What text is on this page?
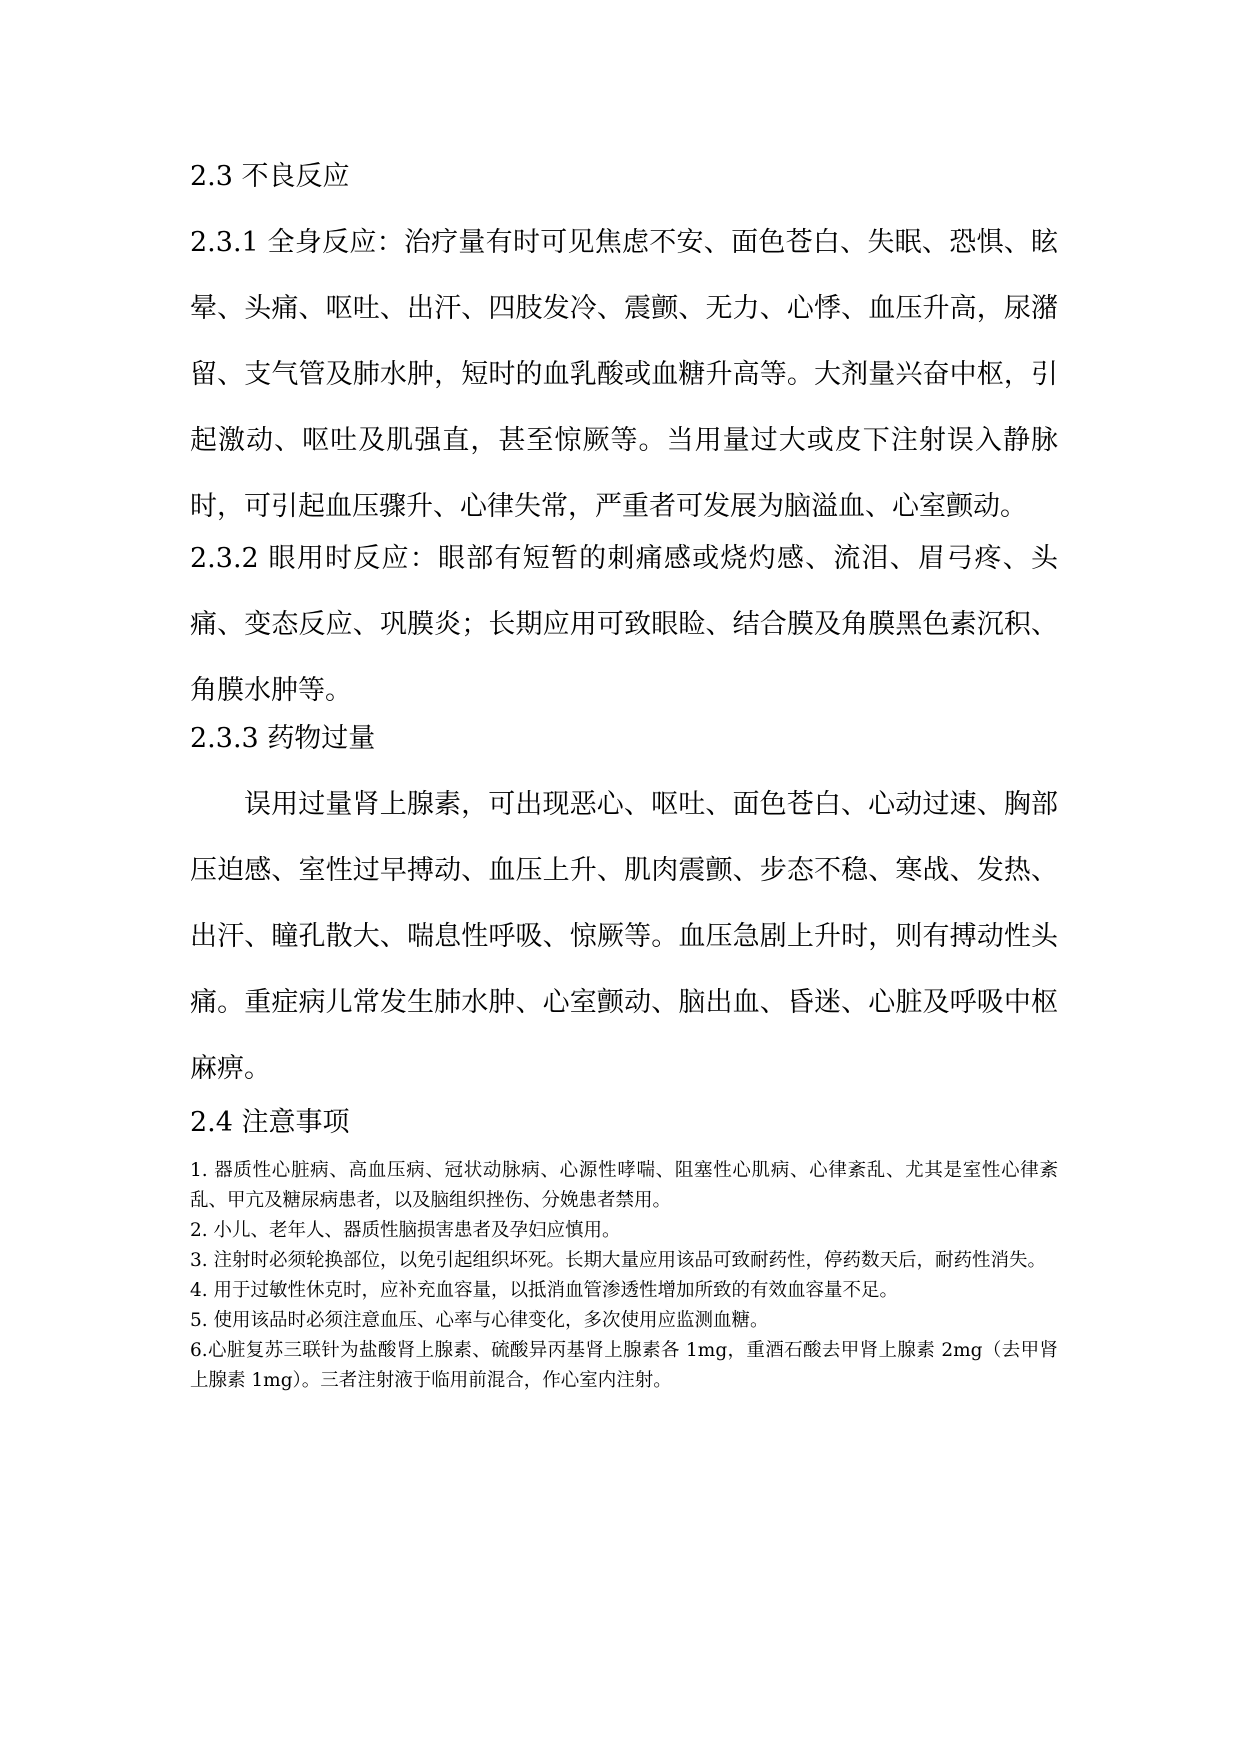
2.3 不良反应

2.3.1 全身反应：治疗量有时可见焦虑不安、面色苍白、失眠、恐惧、眩晕、头痛、呕吐、出汗、四肢发冷、震颤、无力、心悸、血压升高，尿潴留、支气管及肺水肿，短时的血乳酸或血糖升高等。大剂量兴奋中枢，引起激动、呕吐及肌强直，甚至惊厥等。当用量过大或皮下注射误入静脉时，可引起血压骤升、心律失常，严重者可发展为脑溢血、心室颤动。

2.3.2 眼用时反应：眼部有短暂的刺痛感或烧灼感、流泪、眉弓疼、头痛、变态反应、巩膜炎；长期应用可致眼睑、结合膜及角膜黑色素沉积、角膜水肿等。

2.3.3 药物过量

误用过量肾上腺素，可出现恶心、呕吐、面色苍白、心动过速、胸部压迫感、室性过早搏动、血压上升、肌肉震颤、步态不稳、寒战、发热、出汗、瞳孔散大、喘息性呼吸、惊厥等。血压急剧上升时，则有搏动性头痛。重症病儿常发生肺水肿、心室颤动、脑出血、昏迷、心脏及呼吸中枢麻痹。

2.4 注意事项

1. 器质性心脏病、高血压病、冠状动脉病、心源性哮喘、阻塞性心肌病、心律紊乱、尤其是室性心律紊乱、甲亢及糖尿病患者，以及脑组织挫伤、分娩患者禁用。

2. 小儿、老年人、器质性脑损害患者及孕妇应慎用。

3. 注射时必须轮换部位，以免引起组织坏死。长期大量应用该品可致耐药性，停药数天后，耐药性消失。

4. 用于过敏性休克时，应补充血容量，以抵消血管渗透性增加所致的有效血容量不足。

5. 使用该品时必须注意血压、心率与心律变化，多次使用应监测血糖。

6.心脏复苏三联针为盐酸肾上腺素、硫酸异丙基肾上腺素各 1mg，重酒石酸去甲肾上腺素 2mg（去甲肾上腺素 1mg）。三者注射液于临用前混合，作心室内注射。
